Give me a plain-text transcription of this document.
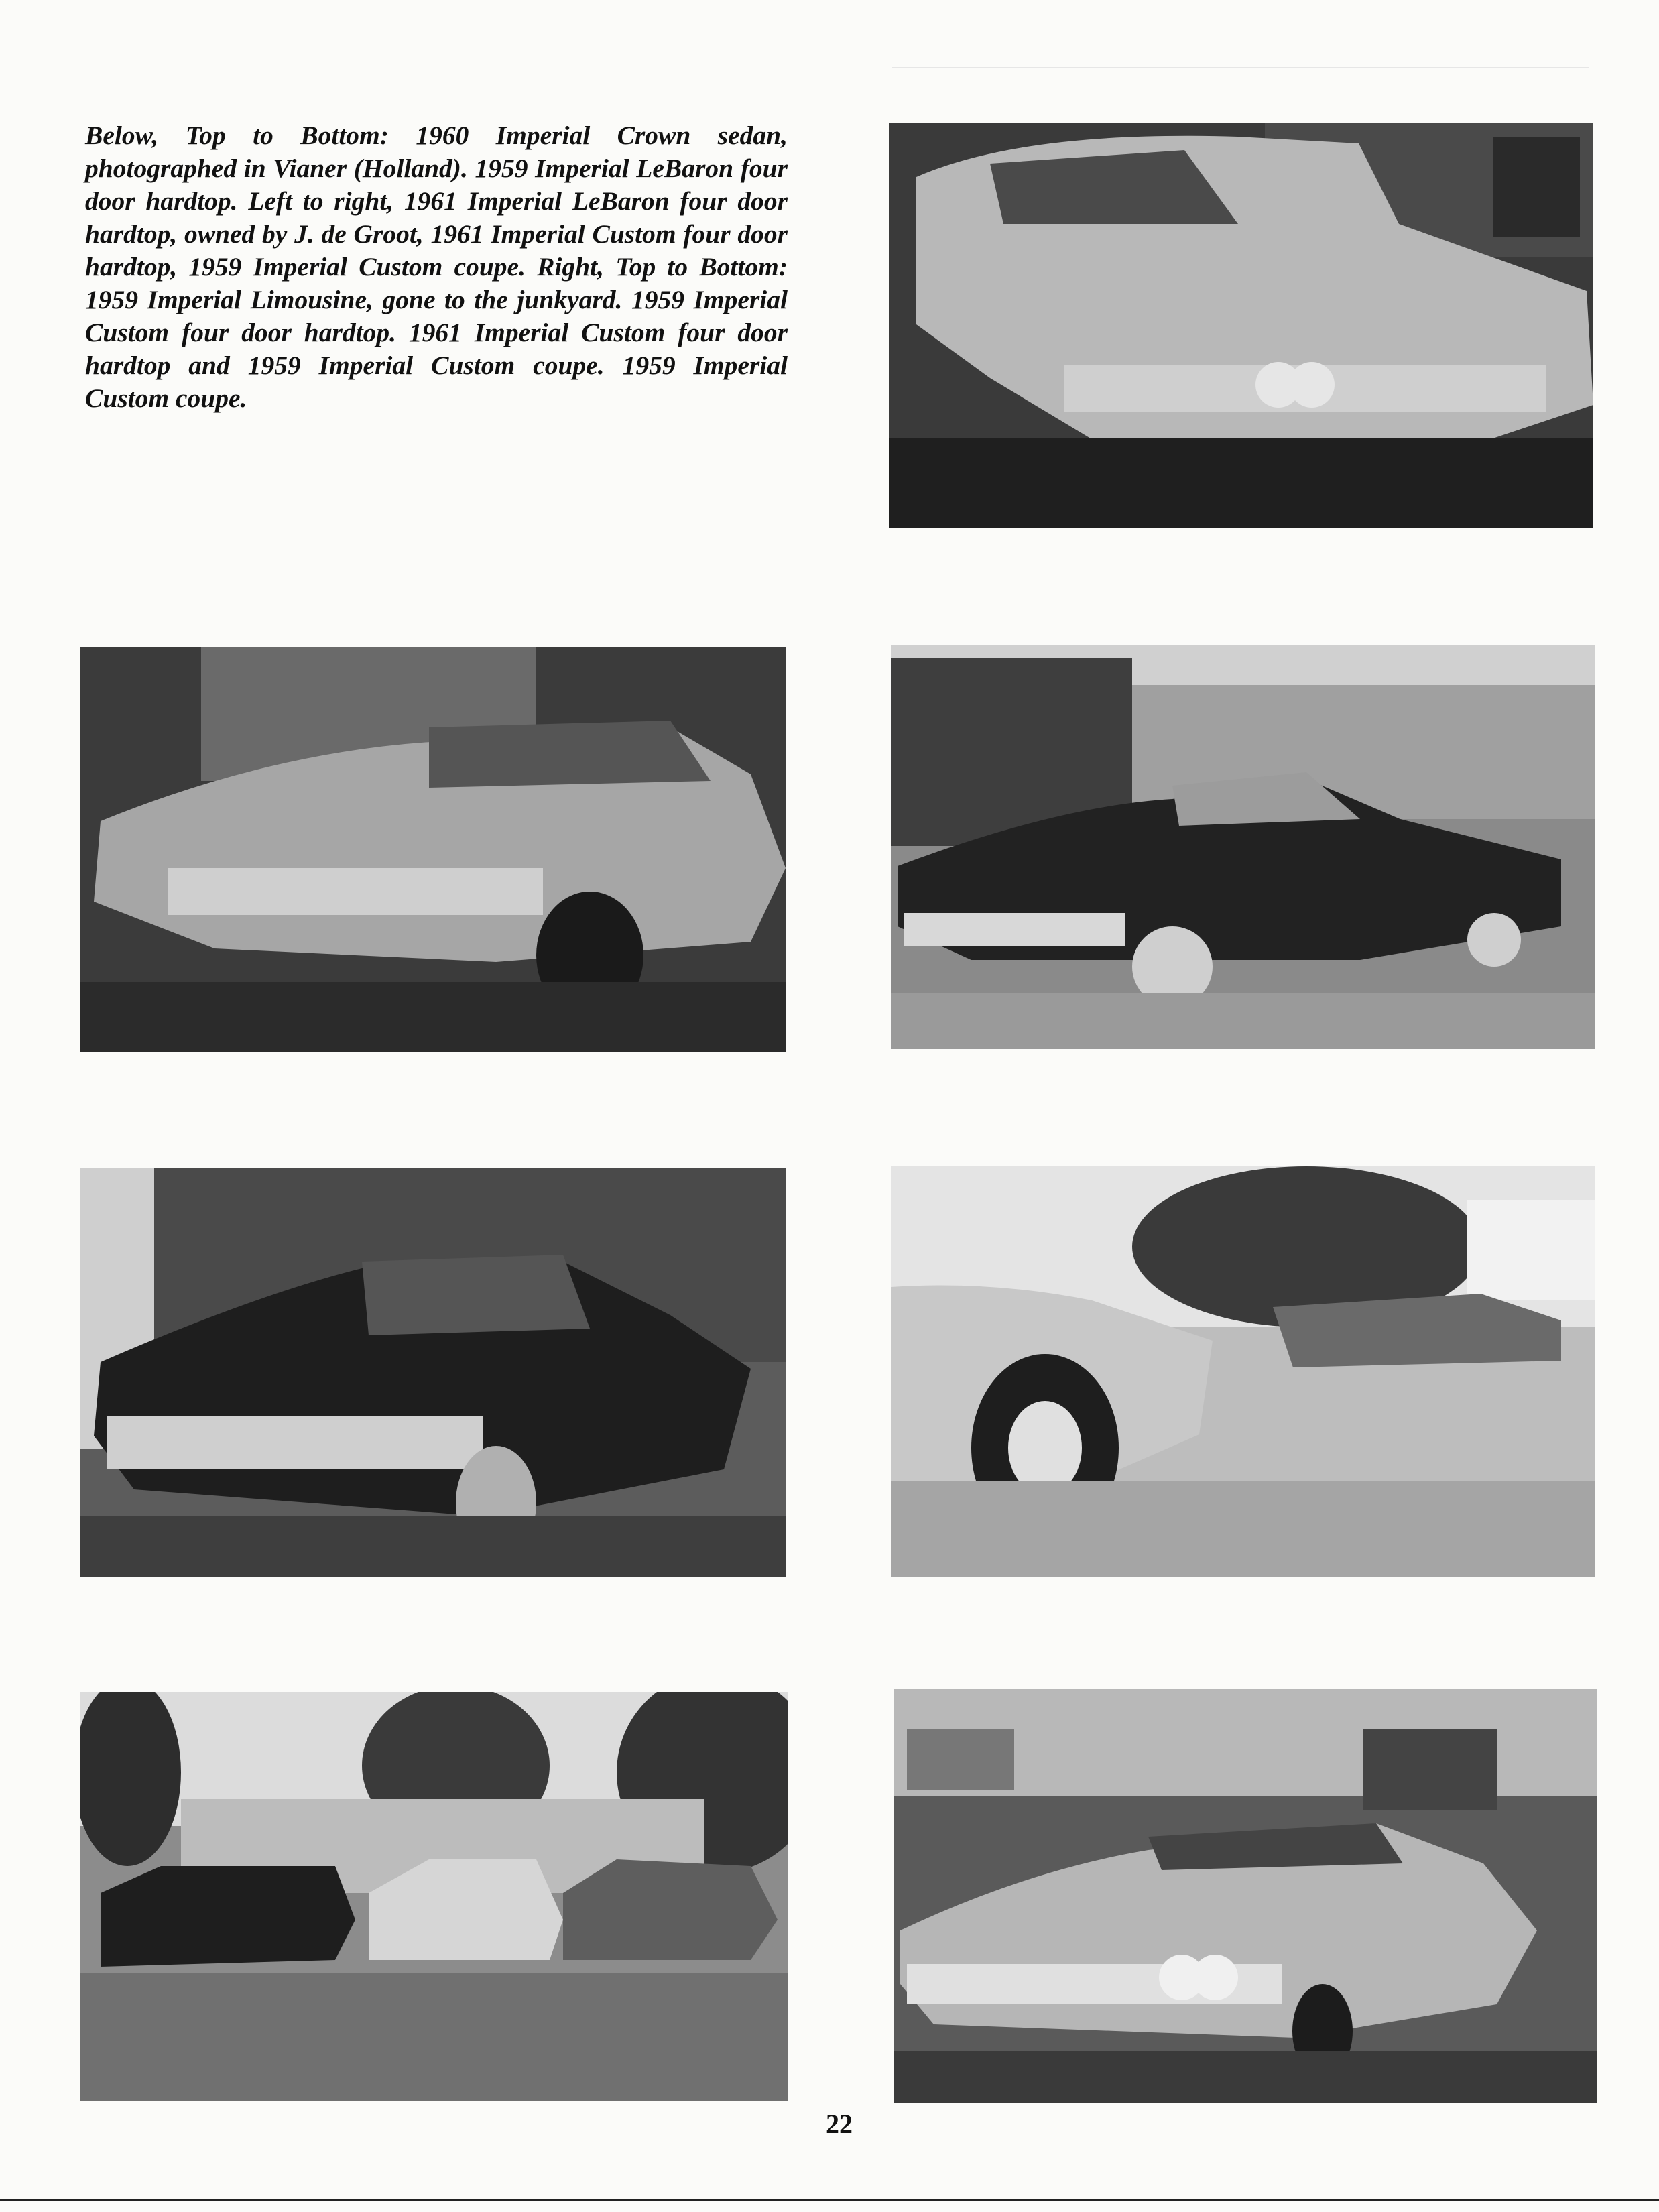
Below, Top to Bottom: 1960 Imperial Crown sedan, photographed in Vianer (Holland). 1959 Imperial LeBaron four door hardtop. Left to right, 1961 Imperial LeBaron four door hardtop, owned by J. de Groot, 1961 Imperial Custom four door hardtop, 1959 Imperial Custom coupe. Right, Top to Bottom: 1959 Imperial Limousine, gone to the junkyard. 1959 Imperial Custom four door hardtop. 1961 Imperial Custom four door hardtop and 1959 Imperial Custom coupe. 1959 Imperial Custom coupe.

22
